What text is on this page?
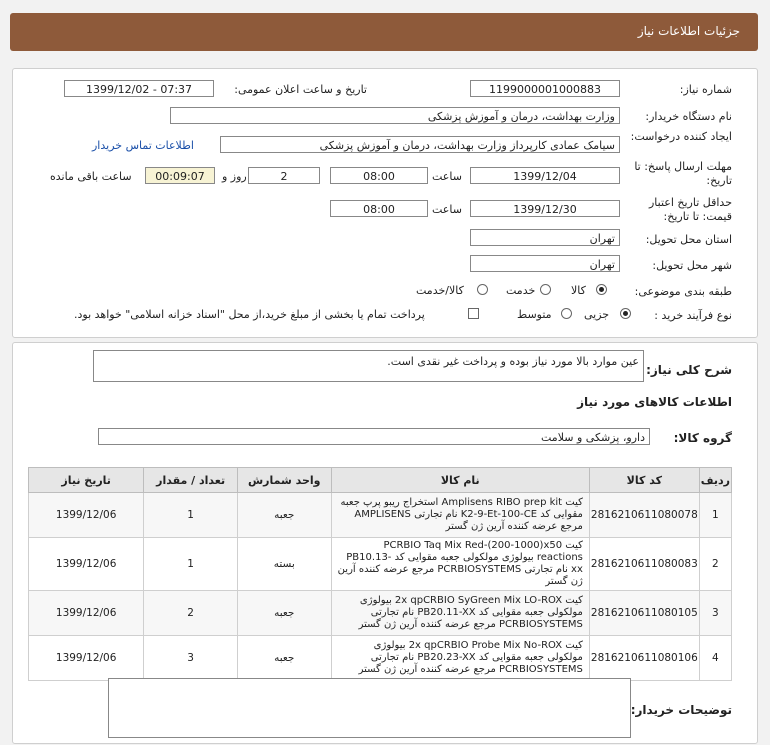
جزئیات اطلاعات نیاز
شماره نیاز:
1199000001000883
تاریخ و ساعت اعلان عمومی:
1399/12/02 - 07:37
نام دستگاه خریدار:
وزارت بهداشت، درمان و آموزش پزشکی
ایجاد کننده درخواست:
سیامک عمادی کارپرداز وزارت بهداشت، درمان و آموزش پزشکی
اطلاعات تماس خریدار
مهلت ارسال پاسخ: تا تاریخ:
1399/12/04
ساعت
08:00
2
روز و
00:09:07
ساعت باقی مانده
حداقل تاریخ اعتبار قیمت: تا تاریخ:
1399/12/30
ساعت
08:00
استان محل تحویل:
تهران
شهر محل تحویل:
تهران
طبقه بندی موضوعی:
کالا
خدمت
کالا/خدمت
نوع فرآیند خرید :
جزیی
متوسط
پرداخت تمام یا بخشی از مبلغ خرید،از محل "اسناد خزانه اسلامی" خواهد بود.
شرح کلی نیاز:
عین موارد بالا مورد نیاز بوده و پرداخت غیر نقدی است.
اطلاعات کالاهای مورد نیاز
گروه کالا:
دارو، پزشکی و سلامت
ردیف	کد کالا	نام کالا	واحد شمارش	تعداد / مقدار	تاریخ نیاز
1	2816210611080078	کیت Amplisens RIBO prep kit استخراج ریبو پرپ جعبه مقوایی کد K2-9-Et-100-CE نام تجارتی AMPLISENS مرجع عرضه کننده آرین ژن گستر	جعبه	1	1399/12/06
2	2816210611080083	کیت PCRBIO Taq Mix Red-(200-1000)x50 reactions بیولوژی مولکولی جعبه مقوایی کد PB10.13-xx نام تجارتی PCRBIOSYSTEMS مرجع عرضه کننده آرین ژن گستر	بسته	1	1399/12/06
3	2816210611080105	کیت 2x qpCRBIO SyGreen Mix LO-ROX بیولوژی مولکولی جعبه مقوایی کد PB20.11-XX نام تجارتی PCRBIOSYSTEMS مرجع عرضه کننده آرین ژن گستر	جعبه	2	1399/12/06
4	2816210611080106	کیت 2x qpCRBIO Probe Mix No-ROX بیولوژی مولکولی جعبه مقوایی کد PB20.23-XX نام تجارتی PCRBIOSYSTEMS مرجع عرضه کننده آرین ژن گستر	جعبه	3	1399/12/06
توضیحات خریدار:
